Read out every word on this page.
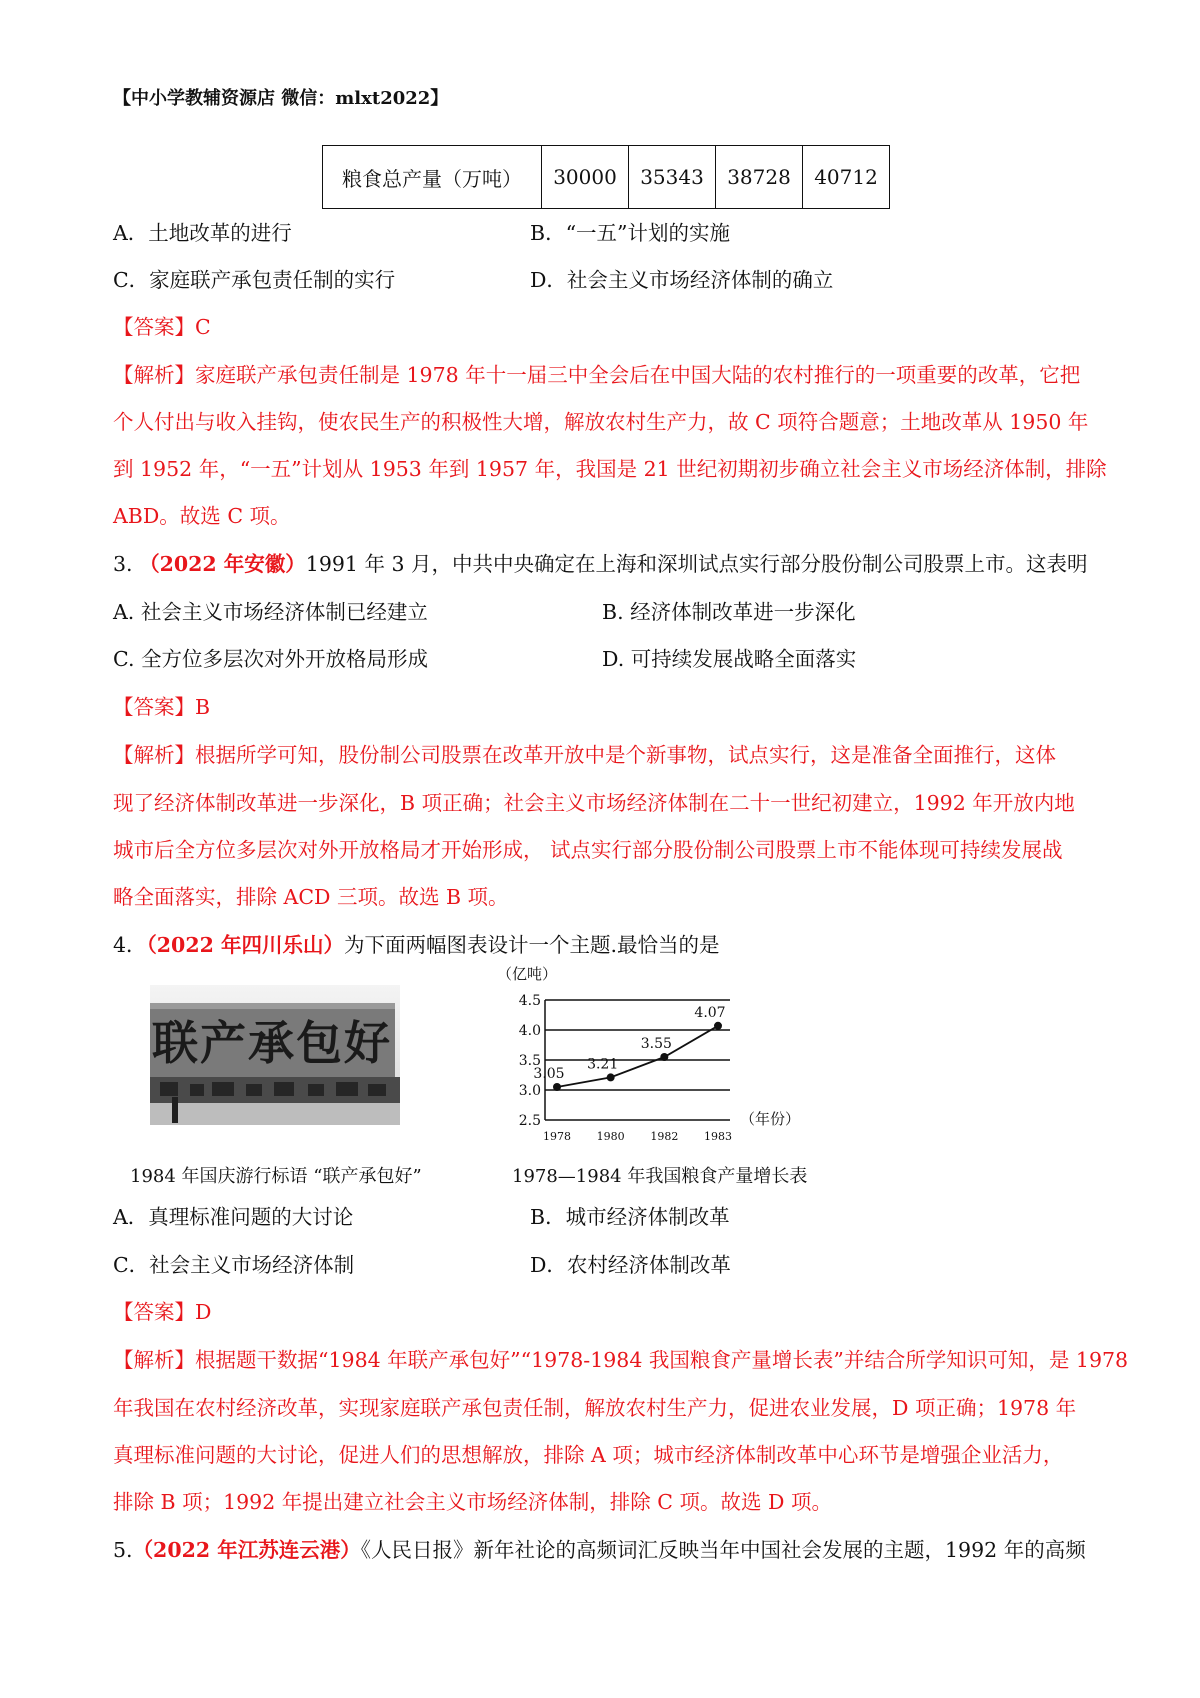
【中小学教辅资源店 微信：mlxt2022】
粮食总产量（万吨）	30000	35343	38728	40712
A．土地改革的进行	B．“一五”计划的实施
C．家庭联产承包责任制的实行	D．社会主义市场经济体制的确立
【答案】C
【解析】家庭联产承包责任制是 1978 年十一届三中全会后在中国大陆的农村推行的一项重要的改革，它把
个人付出与收入挂钩，使农民生产的积极性大增，解放农村生产力，故 C 项符合题意；土地改革从 1950 年
到 1952 年，“一五”计划从 1953 年到 1957 年，我国是 21 世纪初期初步确立社会主义市场经济体制，排除
ABD。故选 C 项。
3. （2022 年安徽）1991 年 3 月，中共中央确定在上海和深圳试点实行部分股份制公司股票上市。这表明
A. 社会主义市场经济体制已经建立	B. 经济体制改革进一步深化
C. 全方位多层次对外开放格局形成	D. 可持续发展战略全面落实
【答案】B
【解析】根据所学可知，股份制公司股票在改革开放中是个新事物，试点实行，这是准备全面推行，这体
现了经济体制改革进一步深化，B 项正确；社会主义市场经济体制在二十一世纪初建立，1992 年开放内地
城市后全方位多层次对外开放格局才开始形成， 试点实行部分股份制公司股票上市不能体现可持续发展战
略全面落实，排除 ACD 三项。故选 B 项。
4．（2022 年四川乐山）为下面两幅图表设计一个主题.最恰当的是
联产承包好
1984 年国庆游行标语 “联产承包好”
（亿吨）
2.5
3.0
3.5
4.0
4.5
1978 1980 1982 1983
（年份）
3.05
3.21
3.55
4.07
1978—1984 年我国粮食产量增长表
A．真理标准问题的大讨论	B．城市经济体制改革
C．社会主义市场经济体制	D．农村经济体制改革
【答案】D
【解析】根据题干数据“1984 年联产承包好”“1978-1984 我国粮食产量增长表”并结合所学知识可知，是 1978
年我国在农村经济改革，实现家庭联产承包责任制，解放农村生产力，促进农业发展，D 项正确；1978 年
真理标准问题的大讨论，促进人们的思想解放，排除 A 项；城市经济体制改革中心环节是增强企业活力，
排除 B 项；1992 年提出建立社会主义市场经济体制，排除 C 项。故选 D 项。
5.（2022 年江苏连云港）《人民日报》新年社论的高频词汇反映当年中国社会发展的主题，1992 年的高频
